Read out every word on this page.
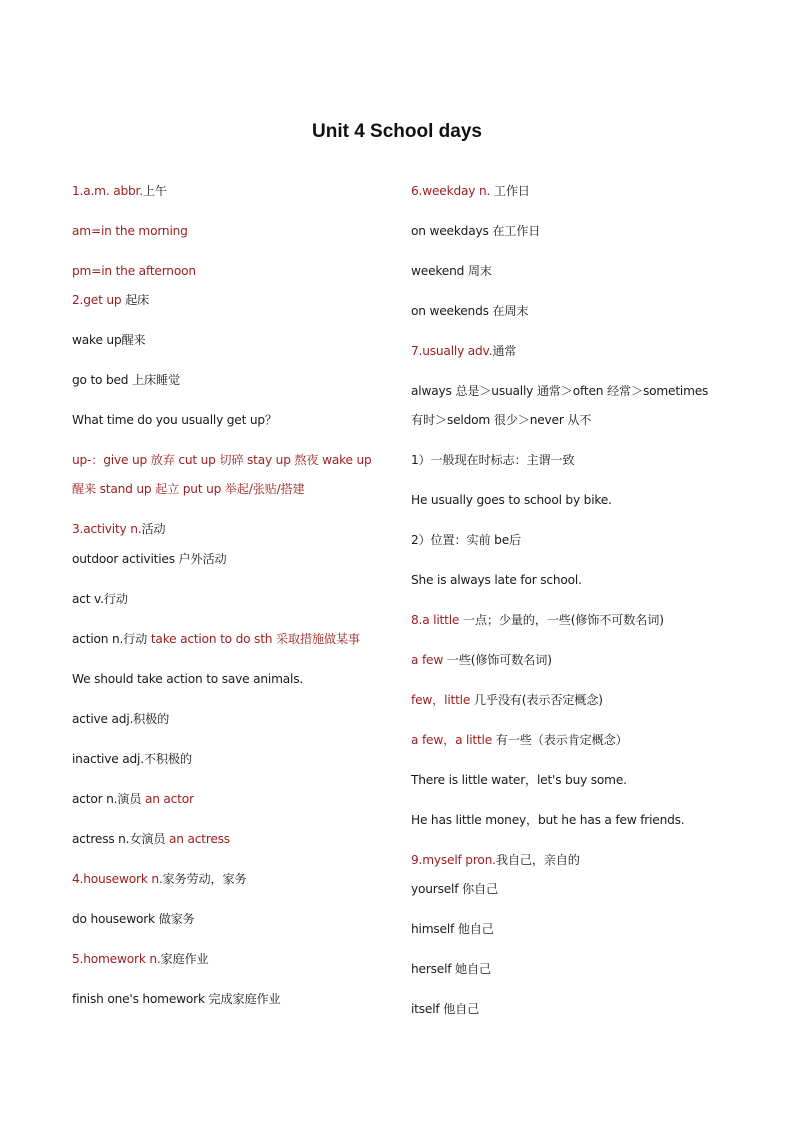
Unit 4 School days
1.a.m. abbr.上午
am=in the morning
pm=in the afternoon
2.get up 起床
wake up醒来
go to bed 上床睡觉
What time do you usually get up？
up-：give up 放弃 cut up 切碎 stay up 熬夜 wake up 醒来 stand up 起立 put up 举起/张贴/搭建
3.activity n.活动
outdoor activities 户外活动
act v.行动
action n.行动 take action to do sth 采取措施做某事
We should take action to save animals.
active adj.积极的
inactive adj.不积极的
actor n.演员 an actor
actress n.女演员 an actress
4.housework n.家务劳动，家务
do housework 做家务
5.homework n.家庭作业
finish one's homework 完成家庭作业
6.weekday n. 工作日
on weekdays 在工作日
weekend 周末
on weekends 在周末
7.usually adv.通常
always 总是＞usually 通常＞often 经常＞sometimes 有时＞seldom 很少＞never 从不
1）一般现在时标志：主谓一致
He usually goes to school by bike.
2）位置：实前 be后
She is always late for school.
8.a little 一点；少量的，一些(修饰不可数名词)
a few 一些(修饰可数名词)
few，little 几乎没有(表示否定概念)
a few，a little 有一些（表示肯定概念）
There is little water，let's buy some.
He has little money，but he has a few friends.
9.myself pron.我自己，亲自的
yourself 你自己
himself 他自己
herself 她自己
itself 他自己
